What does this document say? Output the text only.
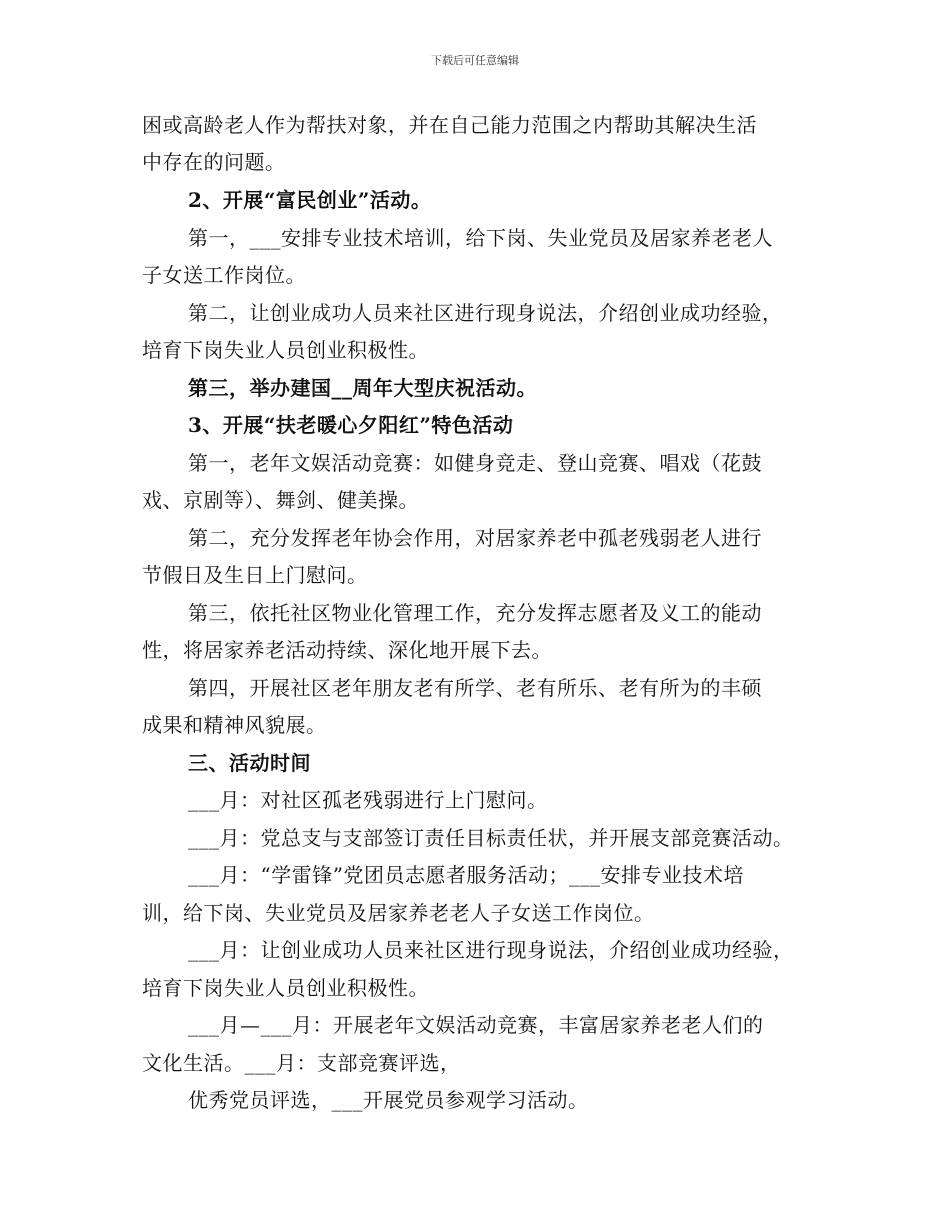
下载后可任意编辑
困或高龄老人作为帮扶对象，并在自己能力范围之内帮助其解决生活
中存在的问题。
2、开展“富民创业”活动。
第一，___安排专业技术培训，给下岗、失业党员及居家养老老人
子女送工作岗位。
第二，让创业成功人员来社区进行现身说法，介绍创业成功经验，
培育下岗失业人员创业积极性。
第三，举办建国__周年大型庆祝活动。
3、开展“扶老暖心夕阳红”特色活动
第一，老年文娱活动竞赛：如健身竞走、登山竞赛、唱戏（花鼓
戏、京剧等）、舞剑、健美操。
第二，充分发挥老年协会作用，对居家养老中孤老残弱老人进行
节假日及生日上门慰问。
第三，依托社区物业化管理工作，充分发挥志愿者及义工的能动
性，将居家养老活动持续、深化地开展下去。
第四，开展社区老年朋友老有所学、老有所乐、老有所为的丰硕
成果和精神风貌展。
三、活动时间
___月：对社区孤老残弱进行上门慰问。
___月：党总支与支部签订责任目标责任状，并开展支部竞赛活动。
___月：“学雷锋”党团员志愿者服务活动；___安排专业技术培
训，给下岗、失业党员及居家养老老人子女送工作岗位。
___月：让创业成功人员来社区进行现身说法，介绍创业成功经验，
培育下岗失业人员创业积极性。
___月—___月：开展老年文娱活动竞赛，丰富居家养老老人们的
文化生活。___月：支部竞赛评选，
优秀党员评选，___开展党员参观学习活动。
